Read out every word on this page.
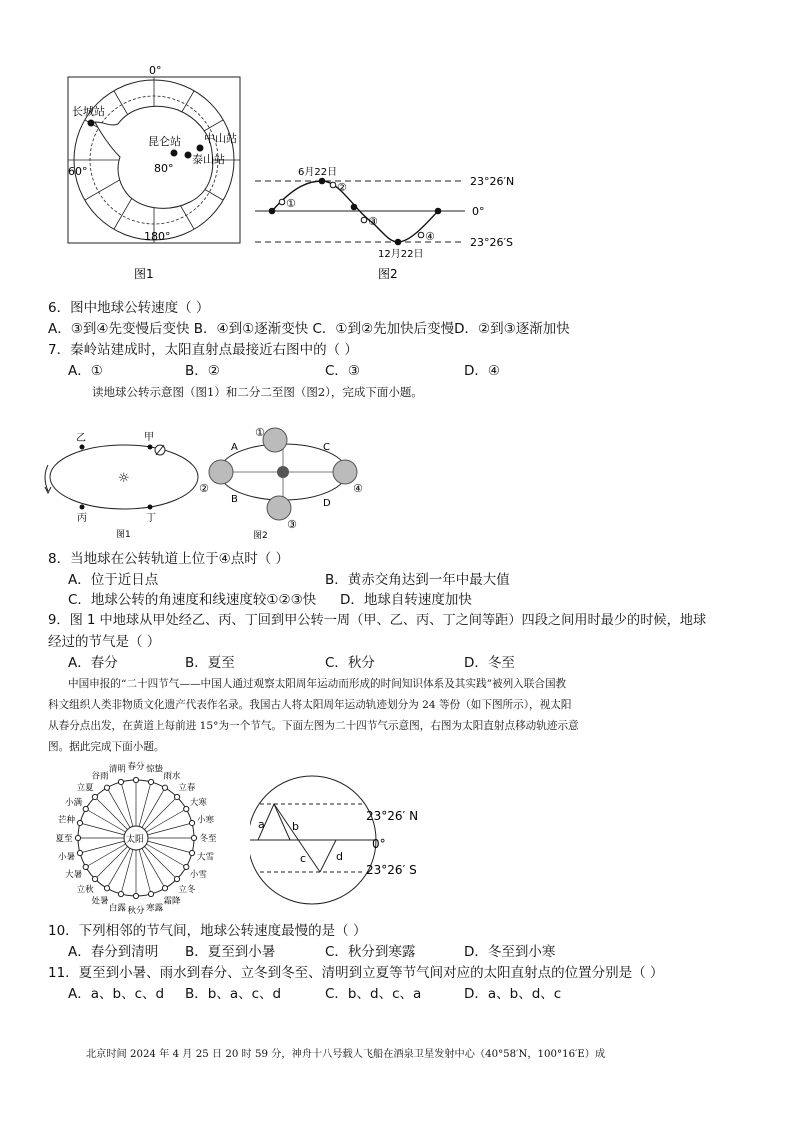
0°
60°	80°
180°
长城站
昆仑站 中山站
泰山站
图1
①
②
③
④
6月22日
12月22日
23°26′N
0°
23°26′S
图2
6．图中地球公转速度（ ）
A．③到④先变慢后变快 B．④到①逐渐变快 C．①到②先加快后变慢D．②到③逐渐加快
7．秦岭站建成时，太阳直射点最接近右图中的（ ）
A．①	B．②	C．③	D．④
读地球公转示意图（图1）和二分二至图（图2），完成下面小题。
☼
乙	甲
丙	丁
图1
①
②
③
④
A
B
C
D
图2
8．当地球在公转轨道上位于④点时（ ）
A．位于近日点	B．黄赤交角达到一年中最大值
C．地球公转的角速度和线速度较①②③快 D．地球自转速度加快
9．图 1 中地球从甲处经乙、丙、丁回到甲公转一周（甲、乙、丙、丁之间等距）四段之间用时最少的时候，地球
经过的节气是（ ）
A．春分	B．夏至	C．秋分	D．冬至
中国申报的“二十四节气——中国人通过观察太阳周年运动而形成的时间知识体系及其实践”被列入联合国教
科文组织人类非物质文化遗产代表作名录。我国古人将太阳周年运动轨迹划分为 24 等份（如下图所示），视太阳
从春分点出发，在黄道上每前进 15°为一个节气。下面左图为二十四节气示意图，右图为太阳直射点移动轨迹示意
图。据此完成下面小题。
太阳
春分
清明
谷雨
立夏
小满
芒种
夏至
小暑
大暑
立秋
处暑
白露 秋分 寒露
霜降
立冬
小雪
大雪
冬至
小寒
大寒
立春
雨水
惊蛰
a b
c	d
23°26′ N
0°
23°26′ S
10．下列相邻的节气间，地球公转速度最慢的是（ ）
A．春分到清明 B．夏至到小暑	C．秋分到寒露	D．冬至到小寒
11．夏至到小暑、雨水到春分、立冬到冬至、清明到立夏等节气间对应的太阳直射点的位置分别是（ ）
A．a、b、c、d B．b、a、c、d	C．b、d、c、a	D．a、b、d、c
北京时间 2024 年 4 月 25 日 20 时 59 分，神舟十八号载人飞船在酒泉卫星发射中心（40°58′N，100°16′E）成
